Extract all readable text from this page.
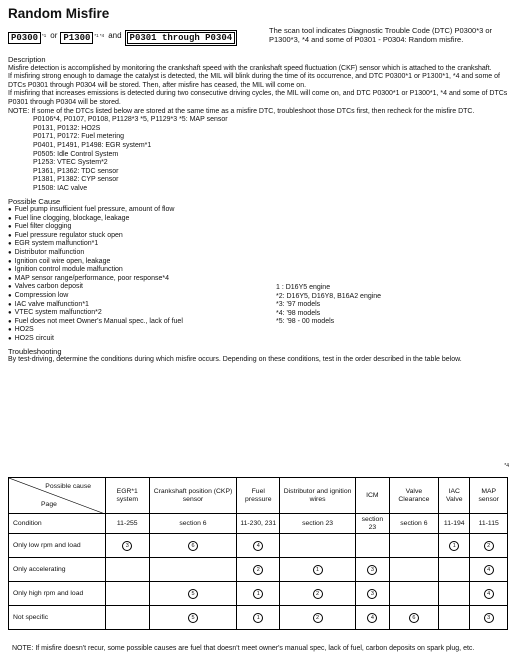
Random Misfire
P0300 *1 or P1300 *1 *4 and P0301 through P0304
The scan tool indicates Diagnostic Trouble Code (DTC) P0300*3 or P1300*3, *4 and some of P0301 - P0304: Random misfire.
Description

Misfire detection is accomplished by monitoring the crankshaft speed with the crankshaft speed fluctuation (CKF) sensor which is attached to the crankshaft.

If misfiring strong enough to damage the catalyst is detected, the MIL will blink during the time of its occurrence, and DTC P0300*1 or P1300*1, *4 and some of DTCs P0301 through P0304 will be stored. Then, after misfire has ceased, the MIL will come on.

If misfiring that increases emissions is detected during two consecutive driving cycles, the MIL will come on, and DTC P0300*1 or P1300*1, *4 and some of DTCs P0301 through P0304 will be stored.

NOTE: If some of the DTCs listed below are stored at the same time as a misfire DTC, troubleshoot those DTCs first, then recheck for the misfire DTC.

P0106*4, P0107, P0108, P1128*3 *5, P1129*3 *5: MAP sensor
P0131, P0132: HO2S
P0171, P0172: Fuel metering
P0401, P1491, P1498: EGR system*1
P0505: Idle Control System
P1253: VTEC System*2
P1361, P1362: TDC sensor
P1381, P1382: CYP sensor
P1508: IAC valve
Possible Cause
● Fuel pump insufficient fuel pressure, amount of flow
● Fuel line clogging, blockage, leakage
● Fuel filter clogging
● Fuel pressure regulator stuck open
● EGR system malfunction*1
● Distributor malfunction
● Ignition coil wire open, leakage
● Ignition control module malfunction
● MAP sensor range/performance, poor response*4
● Valves carbon deposit
● Compression low
● IAC valve malfunction*1
● VTEC system malfunction*2
● Fuel does not meet Owner's Manual spec., lack of fuel
● HO2S
● HO2S circuit
1 : D16Y5 engine
*2: D16Y5, D16Y8, B16A2 engine
*3: '97 models
*4: '98 models
*5: '98 - 00 models
Troubleshooting

By test-driving, determine the conditions during which misfire occurs. Depending on these conditions, test in the order described in the table below.

*4
Possible cause
Page	EGR*1 system	Crankshaft position (CKP) sensor	Fuel pressure	Distributor and ignition wires	ICM	Valve Clearance	IAC Valve	MAP sensor
Condition	11-255	section 6	11-230, 231	section 23	section 23	section 6	11-194	11-115
Only low rpm and load	3	6	4				1	2
Only accelerating			2	1	3			4
Only high rpm and load		5	1	2	3			4
Not specific		5	1	2	4	6		3
NOTE: If misfire doesn't recur, some possible causes are fuel that doesn't meet owner's manual spec, lack of fuel, carbon deposits on spark plug, etc.
